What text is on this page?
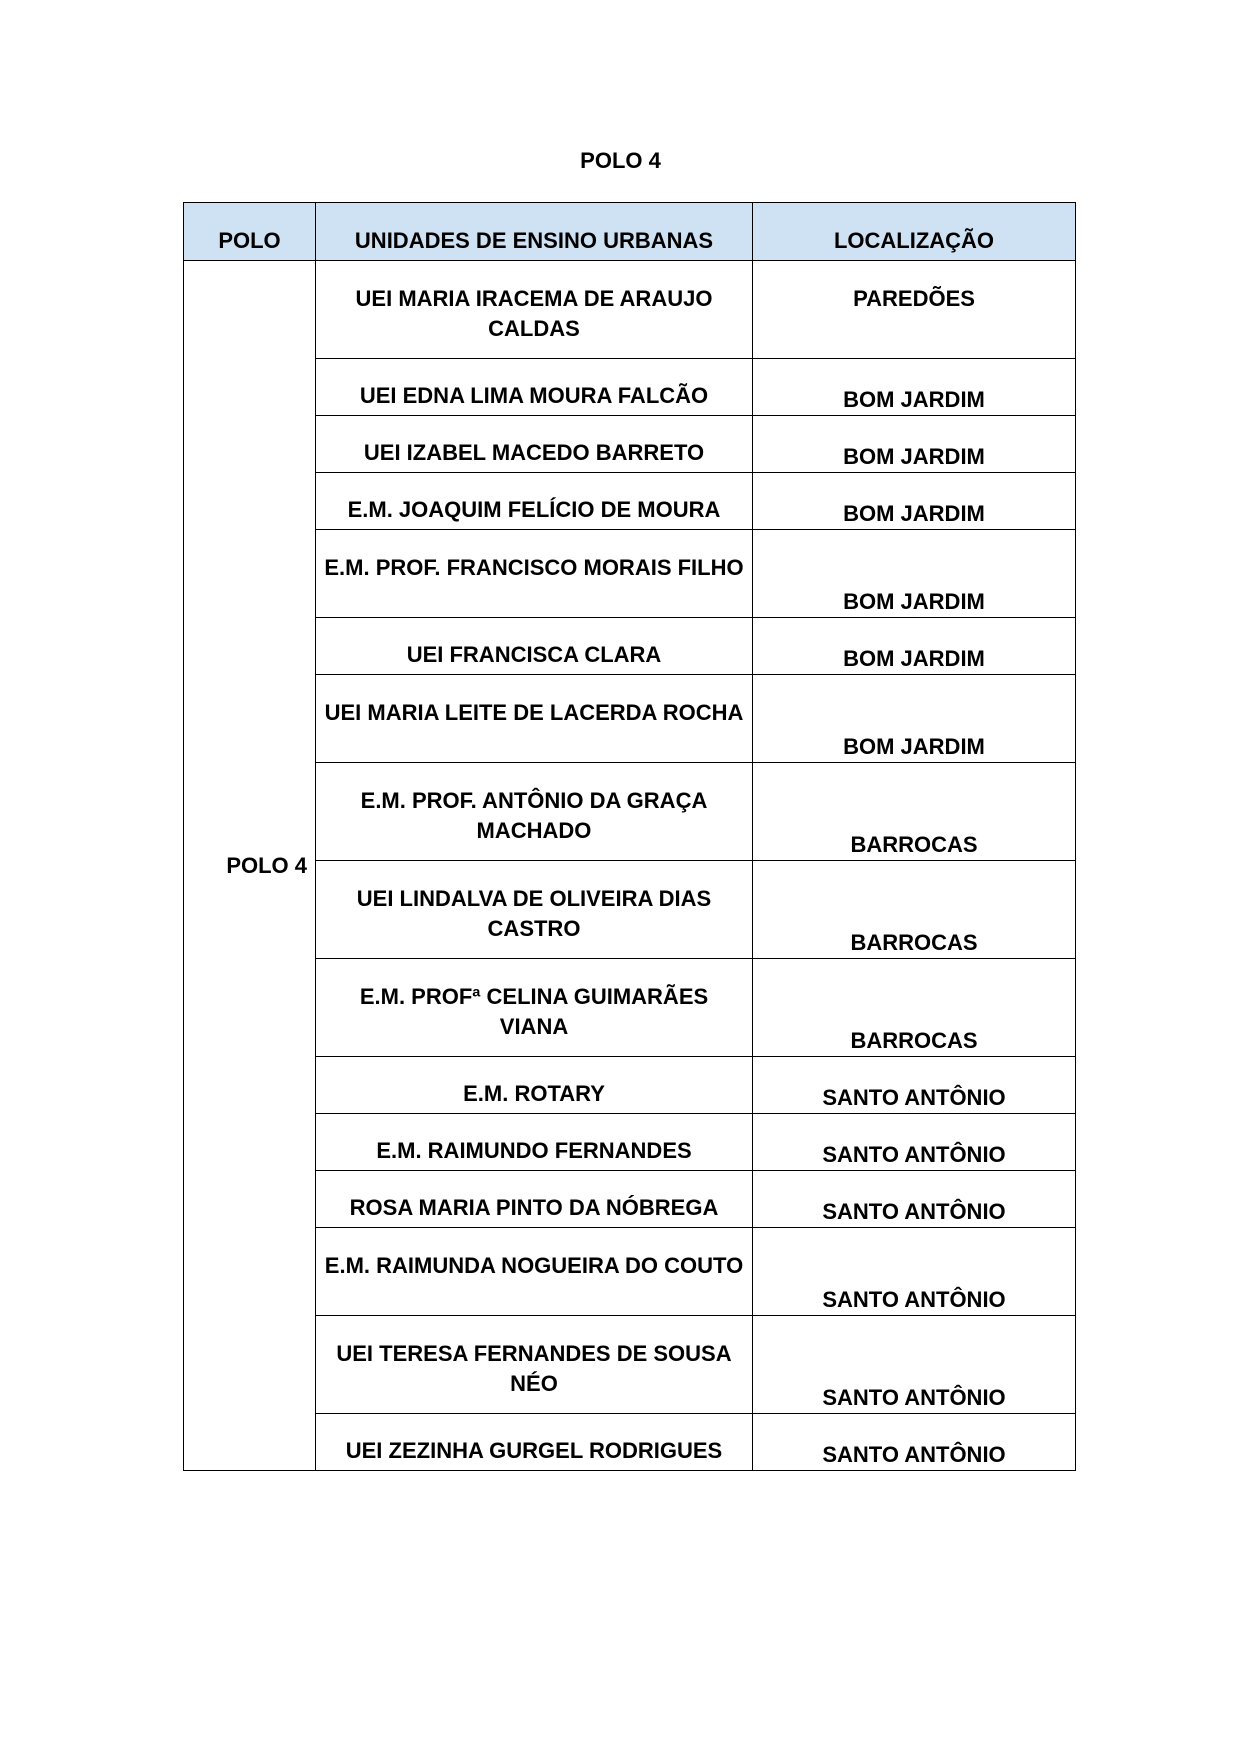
POLO 4
POLO	UNIDADES DE ENSINO URBANAS	LOCALIZAÇÃO
POLO 4	UEI MARIA IRACEMA DE ARAUJO CALDAS	PAREDÕES
	UEI EDNA LIMA MOURA FALCÃO	BOM JARDIM
	UEI IZABEL MACEDO BARRETO	BOM JARDIM
	E.M. JOAQUIM FELÍCIO DE MOURA	BOM JARDIM
	E.M. PROF. FRANCISCO MORAIS FILHO	BOM JARDIM
	UEI FRANCISCA CLARA	BOM JARDIM
	UEI MARIA LEITE DE LACERDA ROCHA	BOM JARDIM
	E.M. PROF. ANTÔNIO DA GRAÇA MACHADO	BARROCAS
	UEI LINDALVA DE OLIVEIRA DIAS CASTRO	BARROCAS
	E.M. PROFª CELINA GUIMARÃES VIANA	BARROCAS
	E.M. ROTARY	SANTO ANTÔNIO
	E.M. RAIMUNDO FERNANDES	SANTO ANTÔNIO
	ROSA MARIA PINTO DA NÓBREGA	SANTO ANTÔNIO
	E.M. RAIMUNDA NOGUEIRA DO COUTO	SANTO ANTÔNIO
	UEI TERESA FERNANDES DE SOUSA NÉO	SANTO ANTÔNIO
	UEI ZEZINHA GURGEL RODRIGUES	SANTO ANTÔNIO
